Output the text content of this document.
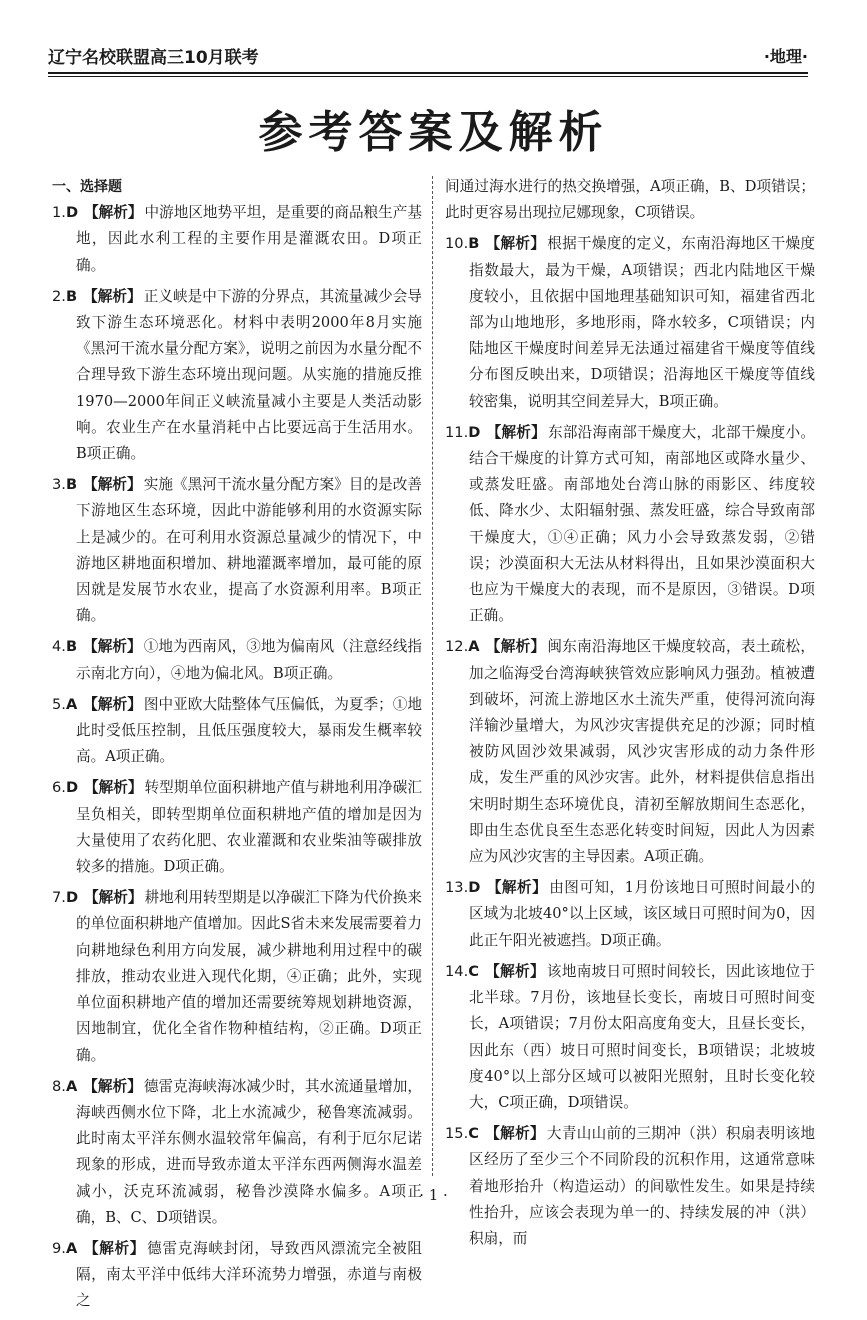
辽宁名校联盟高三10月联考	·地理·
参考答案及解析
一、选择题
1.D 【解析】 中游地区地势平坦，是重要的商品粮生产基地，因此水利工程的主要作用是灌溉农田。D项正确。
2.B 【解析】 正义峡是中下游的分界点，其流量减少会导致下游生态环境恶化。材料中表明2000年8月实施《黑河干流水量分配方案》，说明之前因为水量分配不合理导致下游生态环境出现问题。从实施的措施反推1970—2000年间正义峡流量减小主要是人类活动影响。农业生产在水量消耗中占比要远高于生活用水。B项正确。
3.B 【解析】 实施《黑河干流水量分配方案》目的是改善下游地区生态环境，因此中游能够利用的水资源实际上是减少的。在可利用水资源总量减少的情况下，中游地区耕地面积增加、耕地灌溉率增加，最可能的原因就是发展节水农业，提高了水资源利用率。B项正确。
4.B 【解析】 ①地为西南风，③地为偏南风（注意经线指示南北方向），④地为偏北风。B项正确。
5.A 【解析】 图中亚欧大陆整体气压偏低，为夏季；①地此时受低压控制，且低压强度较大，暴雨发生概率较高。A项正确。
6.D 【解析】 转型期单位面积耕地产值与耕地利用净碳汇呈负相关，即转型期单位面积耕地产值的增加是因为大量使用了农药化肥、农业灌溉和农业柴油等碳排放较多的措施。D项正确。
7.D 【解析】 耕地利用转型期是以净碳汇下降为代价换来的单位面积耕地产值增加。因此S省未来发展需要着力向耕地绿色利用方向发展，减少耕地利用过程中的碳排放，推动农业进入现代化期，④正确；此外，实现单位面积耕地产值的增加还需要统筹规划耕地资源，因地制宜，优化全省作物种植结构，②正确。D项正确。
8.A 【解析】 德雷克海峡海冰减少时，其水流通量增加，海峡西侧水位下降，北上水流减少，秘鲁寒流减弱。此时南太平洋东侧水温较常年偏高，有利于厄尔尼诺现象的形成，进而导致赤道太平洋东西两侧海水温差减小，沃克环流减弱，秘鲁沙漠降水偏多。A项正确，B、C、D项错误。
9.A 【解析】 德雷克海峡封闭，导致西风漂流完全被阻隔，南太平洋中低纬大洋环流势力增强，赤道与南极之
间通过海水进行的热交换增强，A项正确，B、D项错误；此时更容易出现拉尼娜现象，C项错误。
10.B 【解析】 根据干燥度的定义，东南沿海地区干燥度指数最大，最为干燥，A项错误；西北内陆地区干燥度较小，且依据中国地理基础知识可知，福建省西北部为山地地形，多地形雨，降水较多，C项错误；内陆地区干燥度时间差异无法通过福建省干燥度等值线分布图反映出来，D项错误；沿海地区干燥度等值线较密集，说明其空间差异大，B项正确。
11.D 【解析】 东部沿海南部干燥度大，北部干燥度小。结合干燥度的计算方式可知，南部地区或降水量少、或蒸发旺盛。南部地处台湾山脉的雨影区、纬度较低、降水少、太阳辐射强、蒸发旺盛，综合导致南部干燥度大，①④正确；风力小会导致蒸发弱，②错误；沙漠面积大无法从材料得出，且如果沙漠面积大也应为干燥度大的表现，而不是原因，③错误。D项正确。
12.A 【解析】 闽东南沿海地区干燥度较高，表土疏松，加之临海受台湾海峡狭管效应影响风力强劲。植被遭到破坏，河流上游地区水土流失严重，使得河流向海洋输沙量增大，为风沙灾害提供充足的沙源；同时植被防风固沙效果减弱，风沙灾害形成的动力条件形成，发生严重的风沙灾害。此外，材料提供信息指出宋明时期生态环境优良，清初至解放期间生态恶化，即由生态优良至生态恶化转变时间短，因此人为因素应为风沙灾害的主导因素。A项正确。
13.D 【解析】 由图可知，1月份该地日可照时间最小的区域为北坡40°以上区域，该区域日可照时间为0，因此正午阳光被遮挡。D项正确。
14.C 【解析】 该地南坡日可照时间较长，因此该地位于北半球。7月份，该地昼长变长，南坡日可照时间变长，A项错误；7月份太阳高度角变大，且昼长变长，因此东（西）坡日可照时间变长，B项错误；北坡坡度40°以上部分区域可以被阳光照射，且时长变化较大，C项正确，D项错误。
15.C 【解析】 大青山山前的三期冲（洪）积扇表明该地区经历了至少三个不同阶段的沉积作用，这通常意味着地形抬升（构造运动）的间歇性发生。如果是持续性抬升，应该会表现为单一的、持续发展的冲（洪）积扇，而
· 1 ·
